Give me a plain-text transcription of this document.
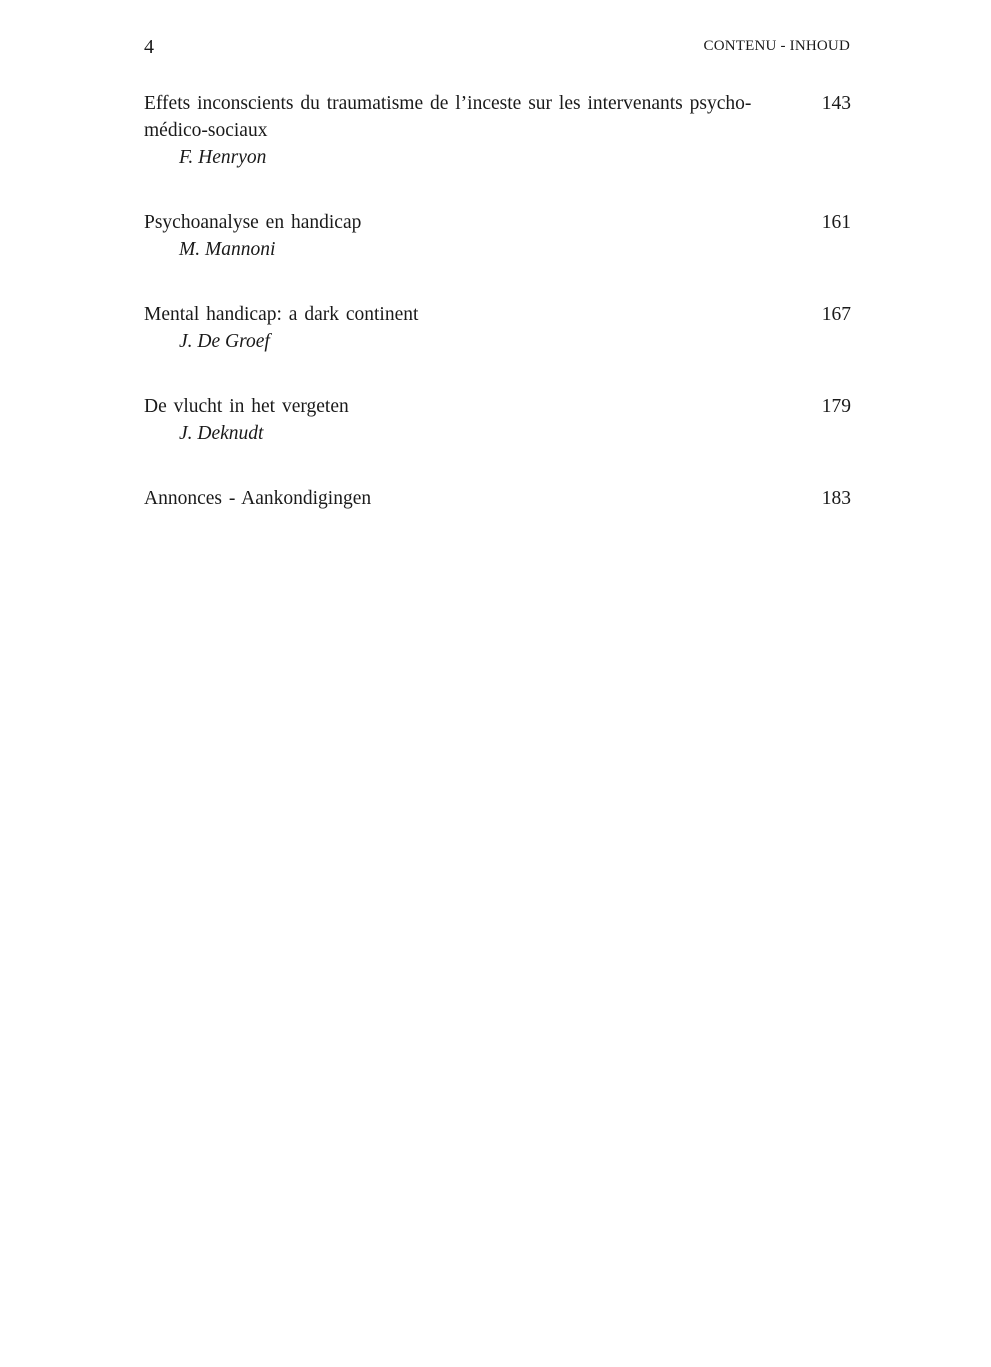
4	CONTENU - INHOUD
Effets inconscients du traumatisme de l’inceste sur les intervenants psycho-médico-sociaux
F. Henryon
143
Psychoanalyse en handicap
M. Mannoni
161
Mental handicap: a dark continent
J. De Groef
167
De vlucht in het vergeten
J. Deknudt
179
Annonces - Aankondigingen	183
